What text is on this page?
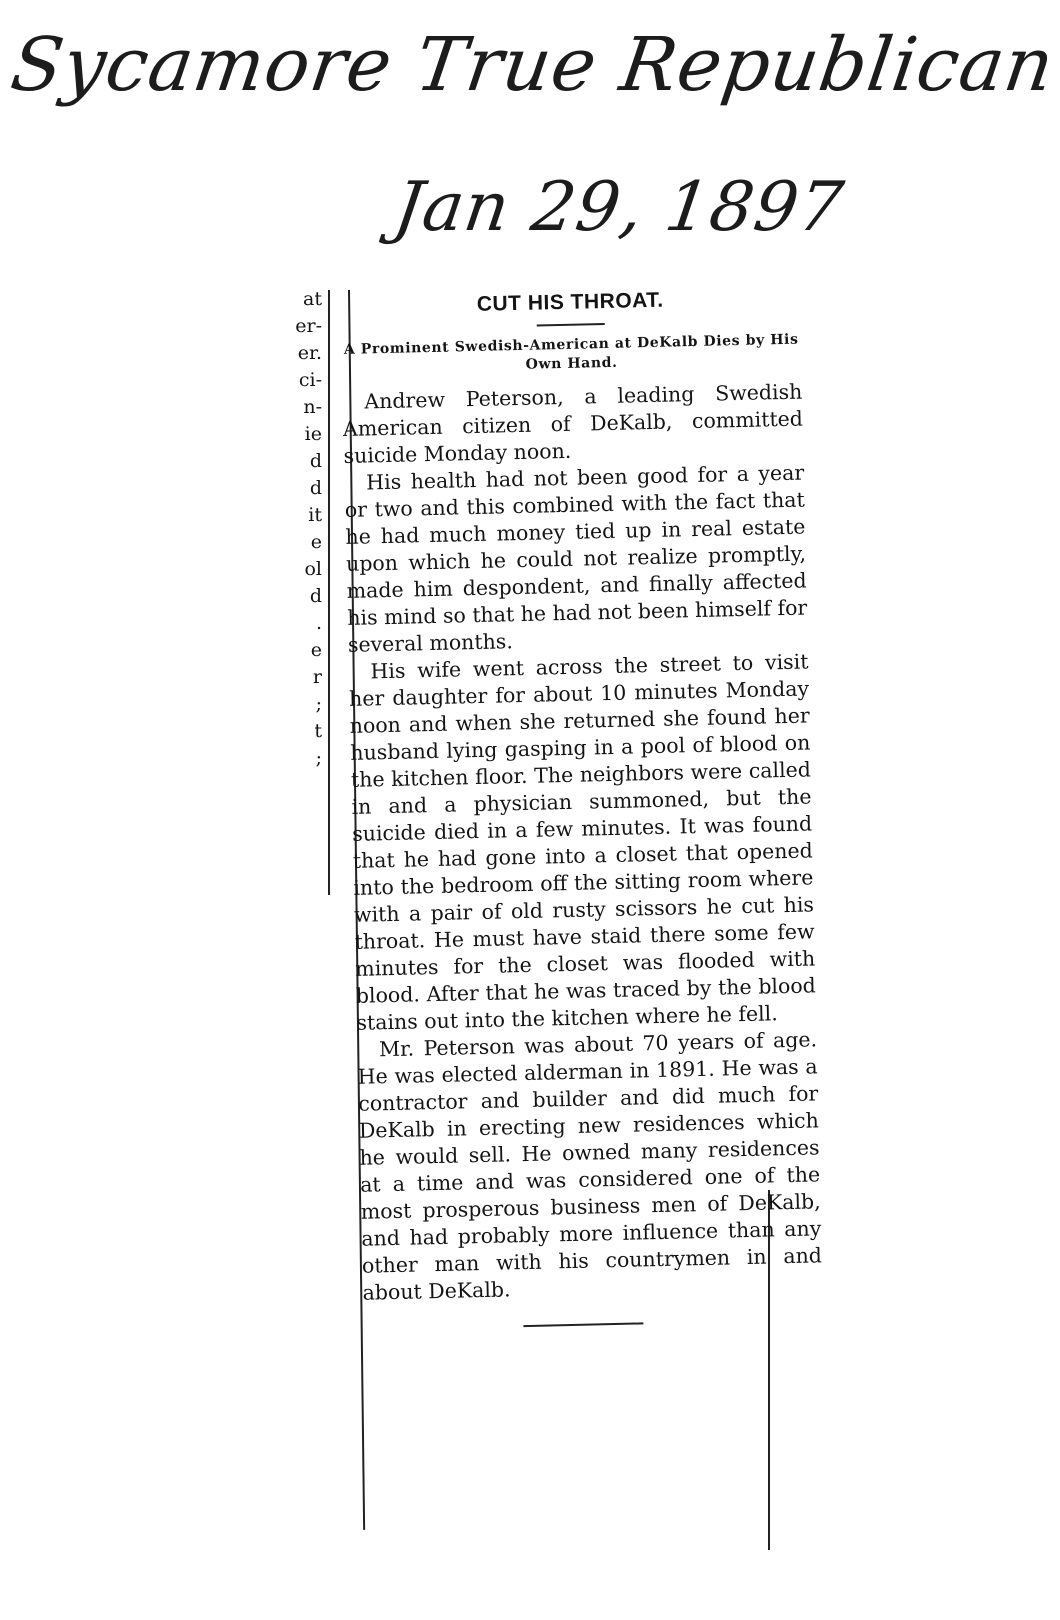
Sycamore True Republican
Jan 29, 1897
at
er-
er.
ci-
n-
ie
d
d
it
e
ol
d
.
e
r
;
t
;
CUT HIS THROAT.

A Prominent Swedish-American at DeKalb Dies by His Own Hand.

Andrew Peterson, a leading Swedish American citizen of DeKalb, committed suicide Monday noon.

His health had not been good for a year or two and this combined with the fact that he had much money tied up in real estate upon which he could not realize promptly, made him despondent, and finally affected his mind so that he had not been himself for several months.

His wife went across the street to visit her daughter for about 10 minutes Monday noon and when she returned she found her husband lying gasping in a pool of blood on the kitchen floor. The neighbors were called in and a physician summoned, but the suicide died in a few minutes. It was found that he had gone into a closet that opened into the bedroom off the sitting room where with a pair of old rusty scissors he cut his throat. He must have staid there some few minutes for the closet was flooded with blood. After that he was traced by the blood stains out into the kitchen where he fell.

Mr. Peterson was about 70 years of age. He was elected alderman in 1891. He was a contractor and builder and did much for DeKalb in erecting new residences which he would sell. He owned many residences at a time and was considered one of the most prosperous business men of DeKalb, and had probably more influence than any other man with his countrymen in and about DeKalb.
